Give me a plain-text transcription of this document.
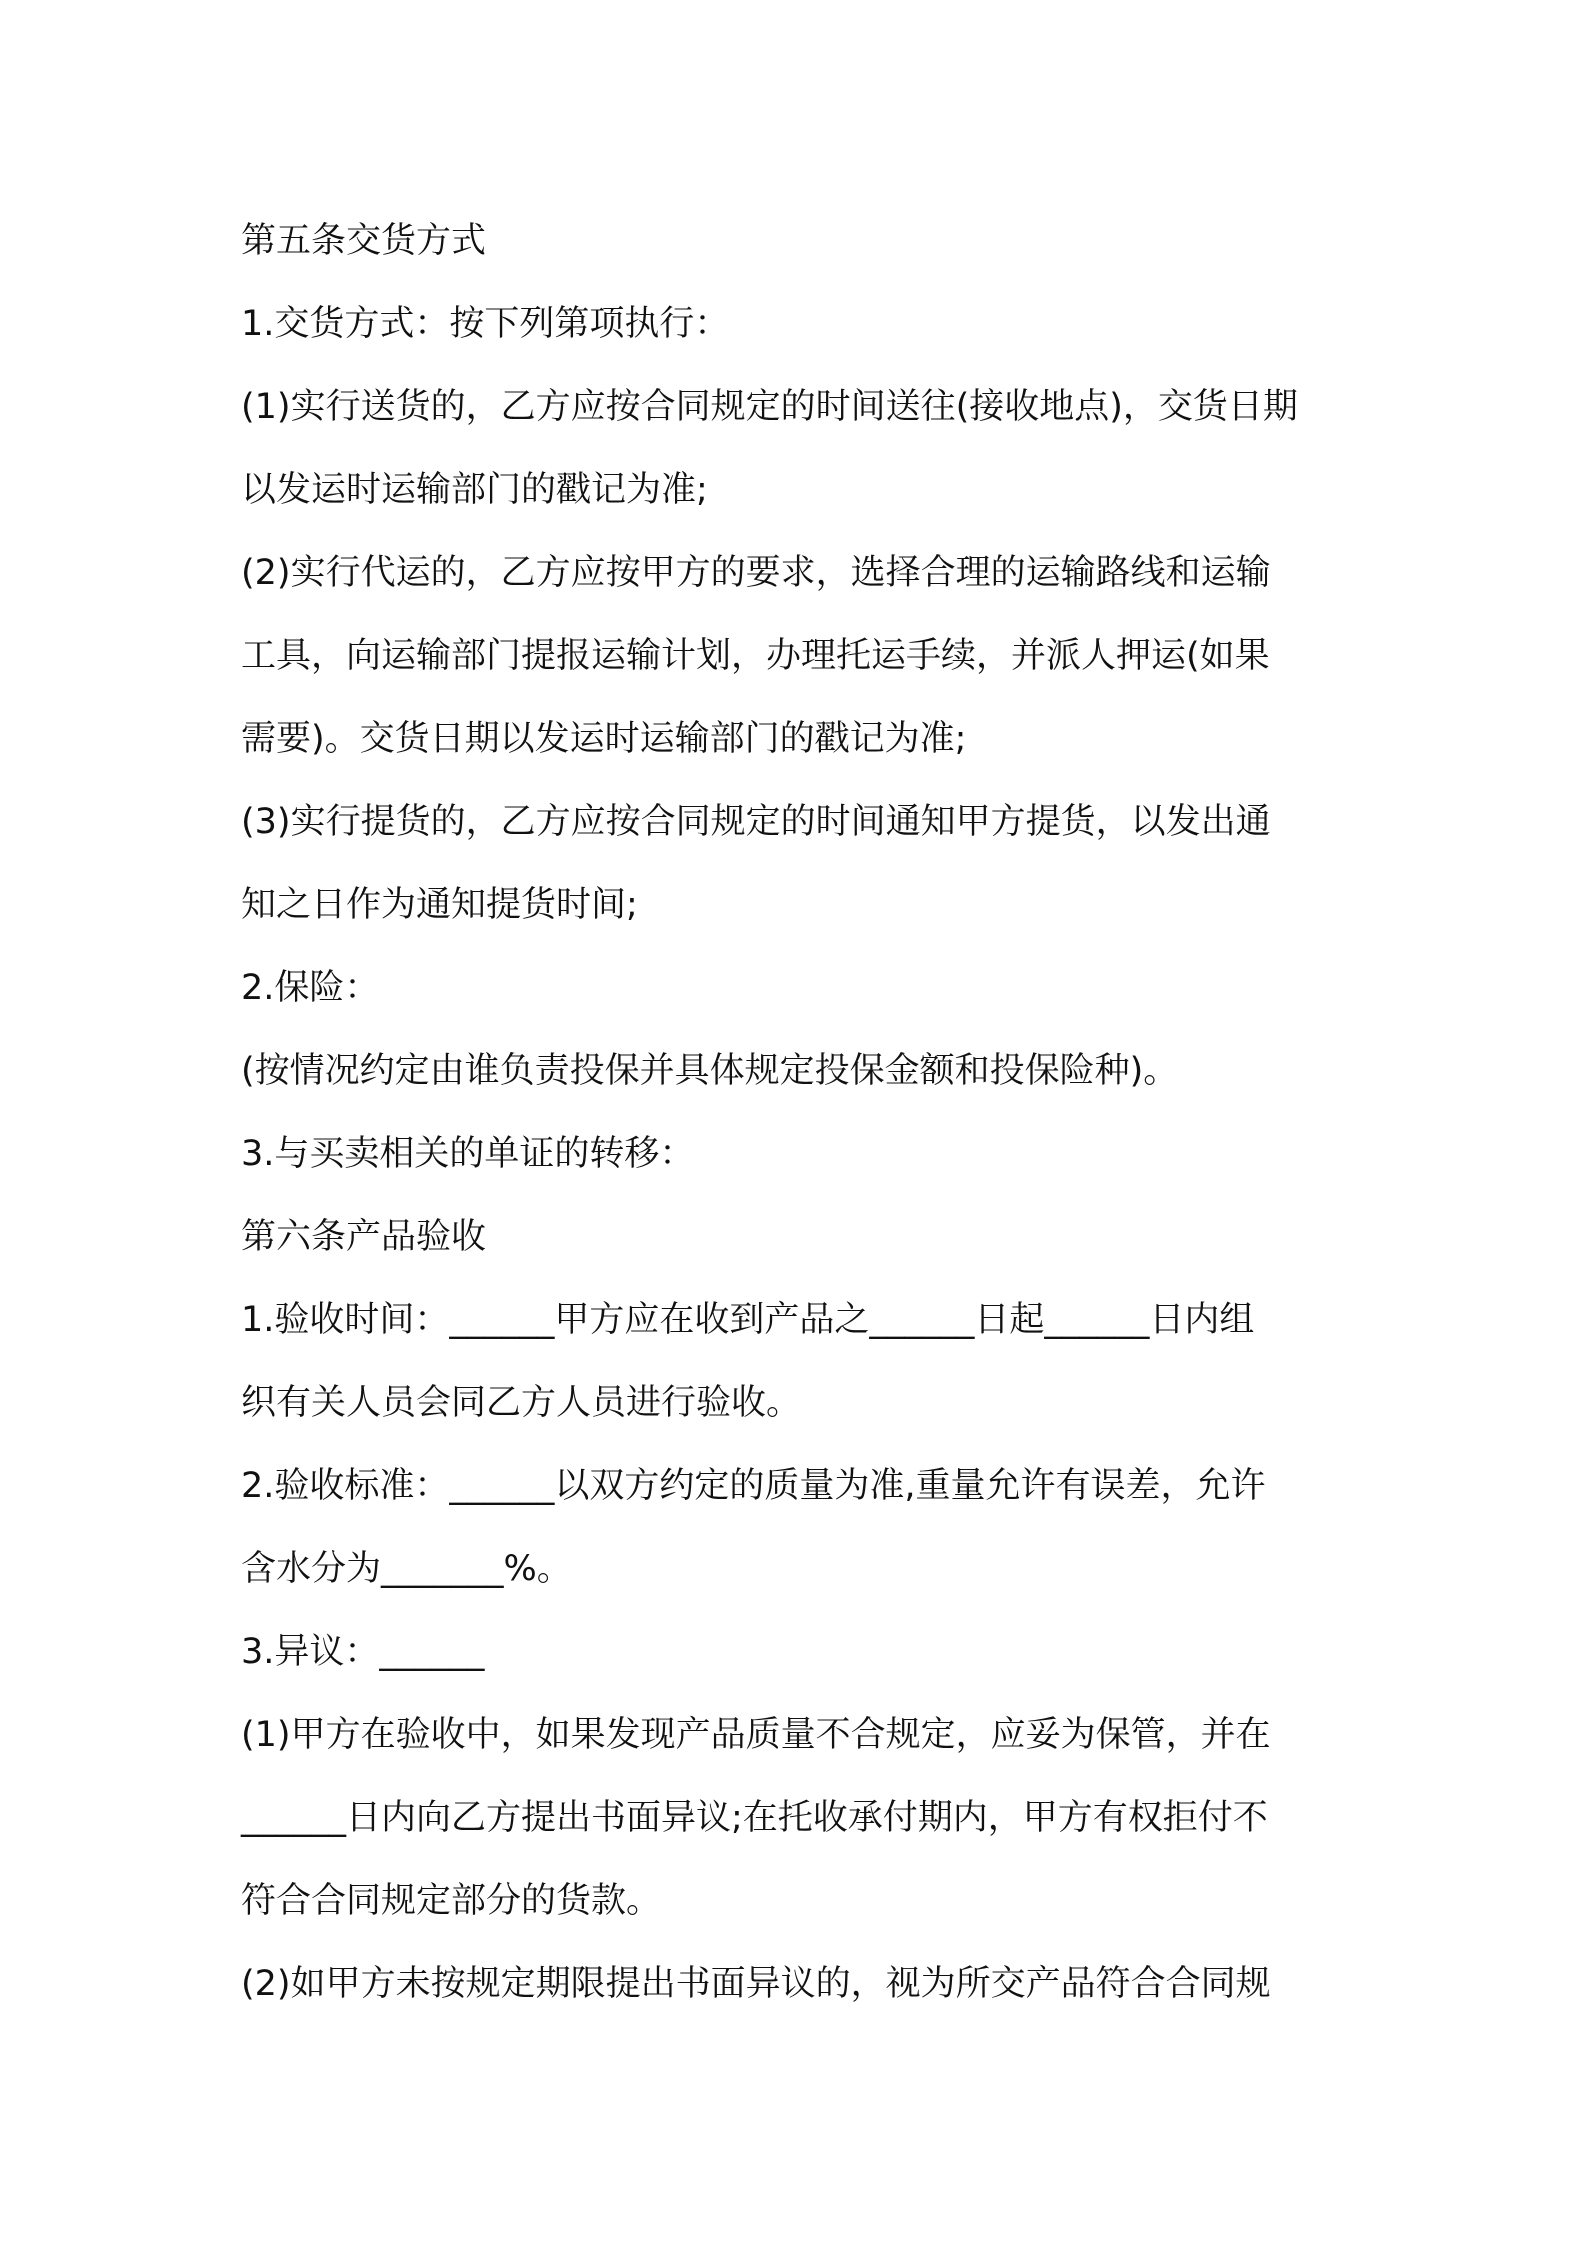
第五条交货方式

1.交货方式：按下列第项执行：

(1)实行送货的，乙方应按合同规定的时间送往(接收地点)，交货日期

以发运时运输部门的戳记为准;

(2)实行代运的，乙方应按甲方的要求，选择合理的运输路线和运输

工具，向运输部门提报运输计划，办理托运手续，并派人押运(如果

需要)。交货日期以发运时运输部门的戳记为准;

(3)实行提货的，乙方应按合同规定的时间通知甲方提货，以发出通

知之日作为通知提货时间;

2.保险：

(按情况约定由谁负责投保并具体规定投保金额和投保险种)。

3.与买卖相关的单证的转移：

第六条产品验收

1.验收时间：______甲方应在收到产品之______日起______日内组

织有关人员会同乙方人员进行验收。

2.验收标准：______以双方约定的质量为准,重量允许有误差，允许

含水分为_______%。

3.异议：______

(1)甲方在验收中，如果发现产品质量不合规定，应妥为保管，并在

______日内向乙方提出书面异议;在托收承付期内，甲方有权拒付不

符合合同规定部分的货款。

(2)如甲方未按规定期限提出书面异议的，视为所交产品符合合同规
